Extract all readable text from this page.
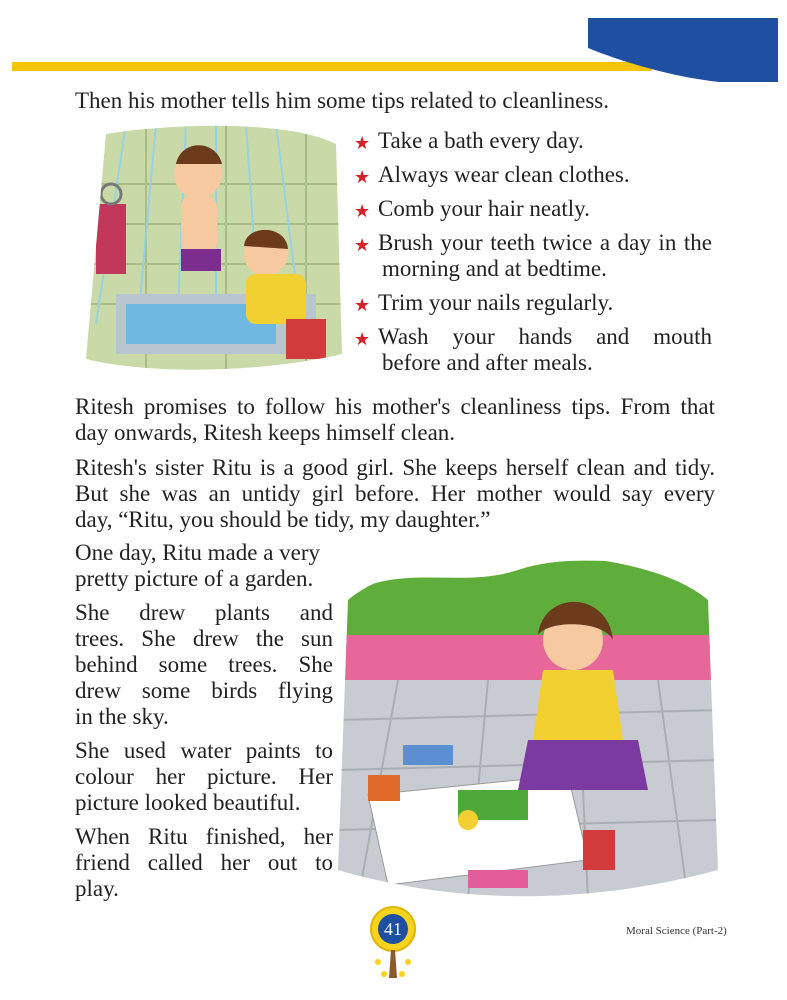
Then his mother tells him some tips related to cleanliness.
★ Take a bath every day.
★ Always wear clean clothes.
★ Comb your hair neatly.
★ Brush your teeth twice a day in the
morning and at bedtime.
★ Trim your nails regularly.
★ Wash your hands and mouth
before and after meals.
Ritesh promises to follow his mother's cleanliness tips. From that
day onwards, Ritesh keeps himself clean.
Ritesh's sister Ritu is a good girl. She keeps herself clean and tidy.
But she was an untidy girl before. Her mother would say every
day, “Ritu, you should be tidy, my daughter.”

One day, Ritu made a very
pretty picture of a garden.

She drew plants and
trees. She drew the sun
behind some trees. She
drew some birds flying
in the sky.

She used water paints to
colour her picture. Her
picture looked beautiful.

When Ritu finished, her
friend called her out to
play.

41	Moral Science (Part-2)
